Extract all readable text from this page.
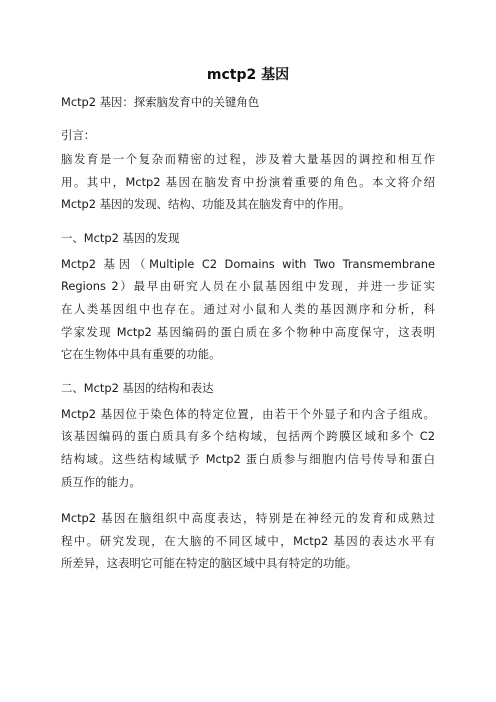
mctp2 基因

Mctp2 基因：探索脑发育中的关键角色

引言：

脑发育是一个复杂而精密的过程，涉及着大量基因的调控和相互作

用。其中，Mctp2 基因在脑发育中扮演着重要的角色。本文将介绍

Mctp2 基因的发现、结构、功能及其在脑发育中的作用。

一、Mctp2 基因的发现

Mctp2 基因（Multiple C2 Domains with Two Transmembrane

Regions 2）最早由研究人员在小鼠基因组中发现，并进一步证实

在人类基因组中也存在。通过对小鼠和人类的基因测序和分析，科

学家发现 Mctp2 基因编码的蛋白质在多个物种中高度保守，这表明

它在生物体中具有重要的功能。

二、Mctp2 基因的结构和表达

Mctp2 基因位于染色体的特定位置，由若干个外显子和内含子组成。

该基因编码的蛋白质具有多个结构域，包括两个跨膜区域和多个 C2

结构域。这些结构域赋予 Mctp2 蛋白质参与细胞内信号传导和蛋白

质互作的能力。

Mctp2 基因在脑组织中高度表达，特别是在神经元的发育和成熟过

程中。研究发现，在大脑的不同区域中，Mctp2 基因的表达水平有

所差异，这表明它可能在特定的脑区域中具有特定的功能。
